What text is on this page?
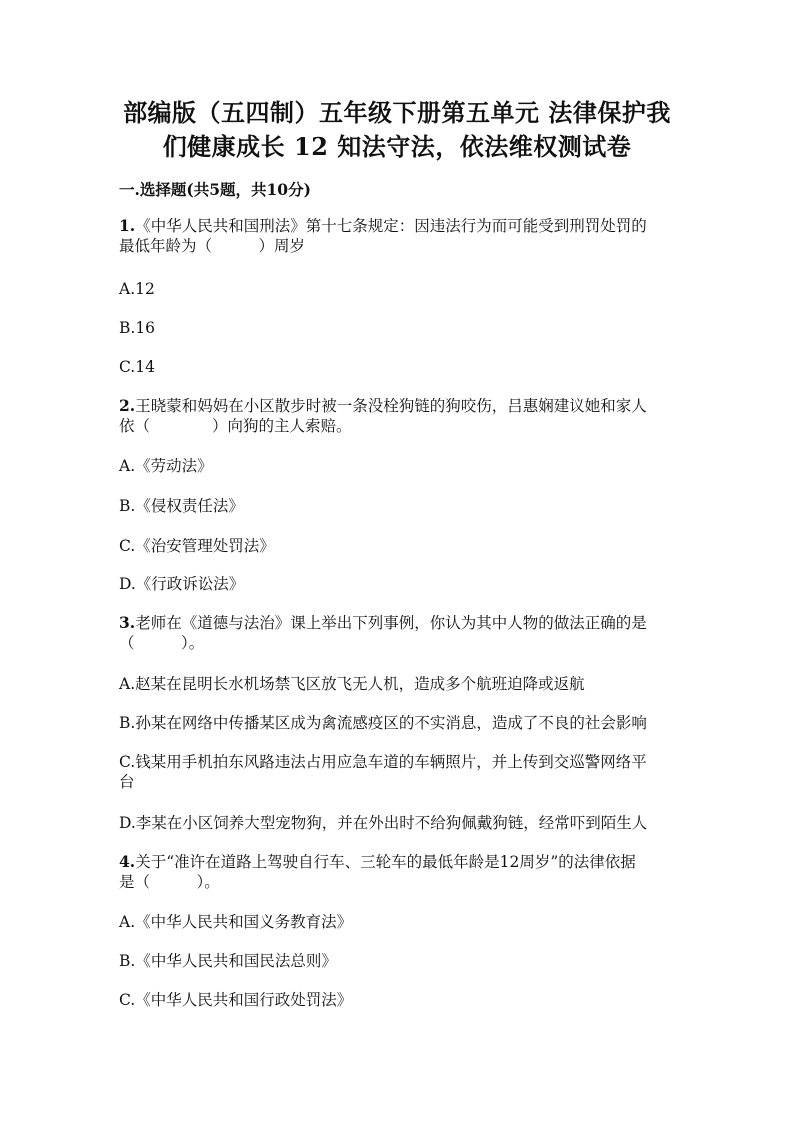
部编版（五四制）五年级下册第五单元 法律保护我
们健康成长 12 知法守法，依法维权测试卷
一.选择题(共5题，共10分)
1.《中华人民共和国刑法》第十七条规定：因违法行为而可能受到刑罚处罚的
最低年龄为（　　　）周岁
A.12
B.16
C.14
2.王晓蒙和妈妈在小区散步时被一条没栓狗链的狗咬伤，吕惠娴建议她和家人
依（　　　　）向狗的主人索赔。
A.《劳动法》
B.《侵权责任法》
C.《治安管理处罚法》
D.《行政诉讼法》
3.老师在《道德与法治》课上举出下列事例，你认为其中人物的做法正确的是
（　　　）。
A.赵某在昆明长水机场禁飞区放飞无人机，造成多个航班迫降或返航
B.孙某在网络中传播某区成为禽流感疫区的不实消息，造成了不良的社会影响
C.钱某用手机拍东风路违法占用应急车道的车辆照片，并上传到交巡警网络平
台
D.李某在小区饲养大型宠物狗，并在外出时不给狗佩戴狗链，经常吓到陌生人
4.关于“准许在道路上驾驶自行车、三轮车的最低年龄是12周岁”的法律依据
是（　　　）。
A.《中华人民共和国义务教育法》
B.《中华人民共和国民法总则》
C.《中华人民共和国行政处罚法》
